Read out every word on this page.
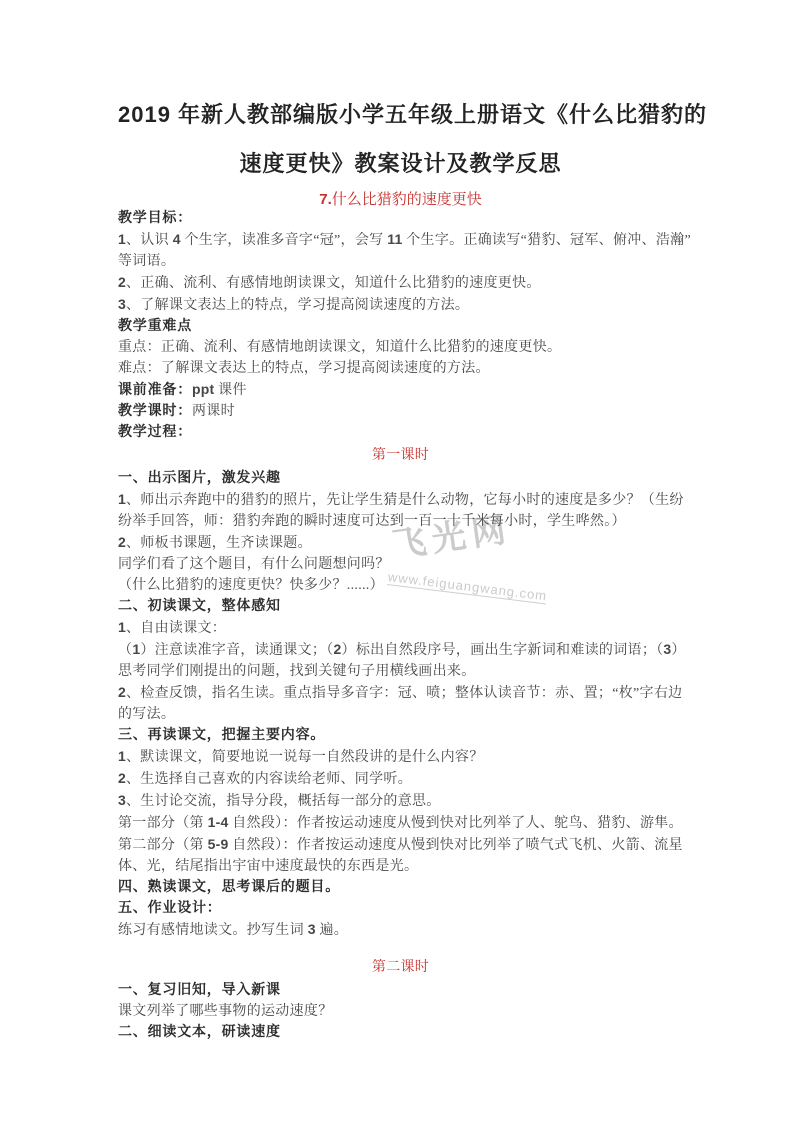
飞光网
www.feiguangwang.com
2019 年新人教部编版小学五年级上册语文《什么比猎豹的
速度更快》教案设计及教学反思
7.什么比猎豹的速度更快
教学目标：
1、认识 4 个生字，读准多音字“冠”，会写 11 个生字。正确读写“猎豹、冠军、俯冲、浩瀚”
等词语。
2、正确、流利、有感情地朗读课文，知道什么比猎豹的速度更快。
3、了解课文表达上的特点，学习提高阅读速度的方法。
教学重难点
重点：正确、流利、有感情地朗读课文，知道什么比猎豹的速度更快。
难点：了解课文表达上的特点，学习提高阅读速度的方法。
课前准备：ppt 课件
教学课时：两课时
教学过程：
第一课时
一、出示图片，激发兴趣
1、师出示奔跑中的猎豹的照片，先让学生猜是什么动物，它每小时的速度是多少？（生纷
纷举手回答，师：猎豹奔跑的瞬时速度可达到一百一十千米每小时，学生哗然。）
2、师板书课题，生齐读课题。
同学们看了这个题目，有什么问题想问吗？
（什么比猎豹的速度更快？快多少？......）
二、初读课文，整体感知
1、自由读课文：
（1）注意读准字音，读通课文；（2）标出自然段序号，画出生字新词和难读的词语；（3）
思考同学们刚提出的问题，找到关键句子用横线画出来。
2、检查反馈，指名生读。重点指导多音字：冠、喷；整体认读音节：赤、置；“枚”字右边
的写法。
三、再读课文，把握主要内容。
1、默读课文，简要地说一说每一自然段讲的是什么内容？
2、生选择自己喜欢的内容读给老师、同学听。
3、生讨论交流，指导分段，概括每一部分的意思。
第一部分（第 1-4 自然段）：作者按运动速度从慢到快对比列举了人、鸵鸟、猎豹、游隼。
第二部分（第 5-9 自然段）：作者按运动速度从慢到快对比列举了喷气式飞机、火箭、流星
体、光，结尾指出宇宙中速度最快的东西是光。
四、熟读课文，思考课后的题目。
五、作业设计：
练习有感情地读文。抄写生词 3 遍。
第二课时
一、复习旧知，导入新课
课文列举了哪些事物的运动速度？
二、细读文本，研读速度
